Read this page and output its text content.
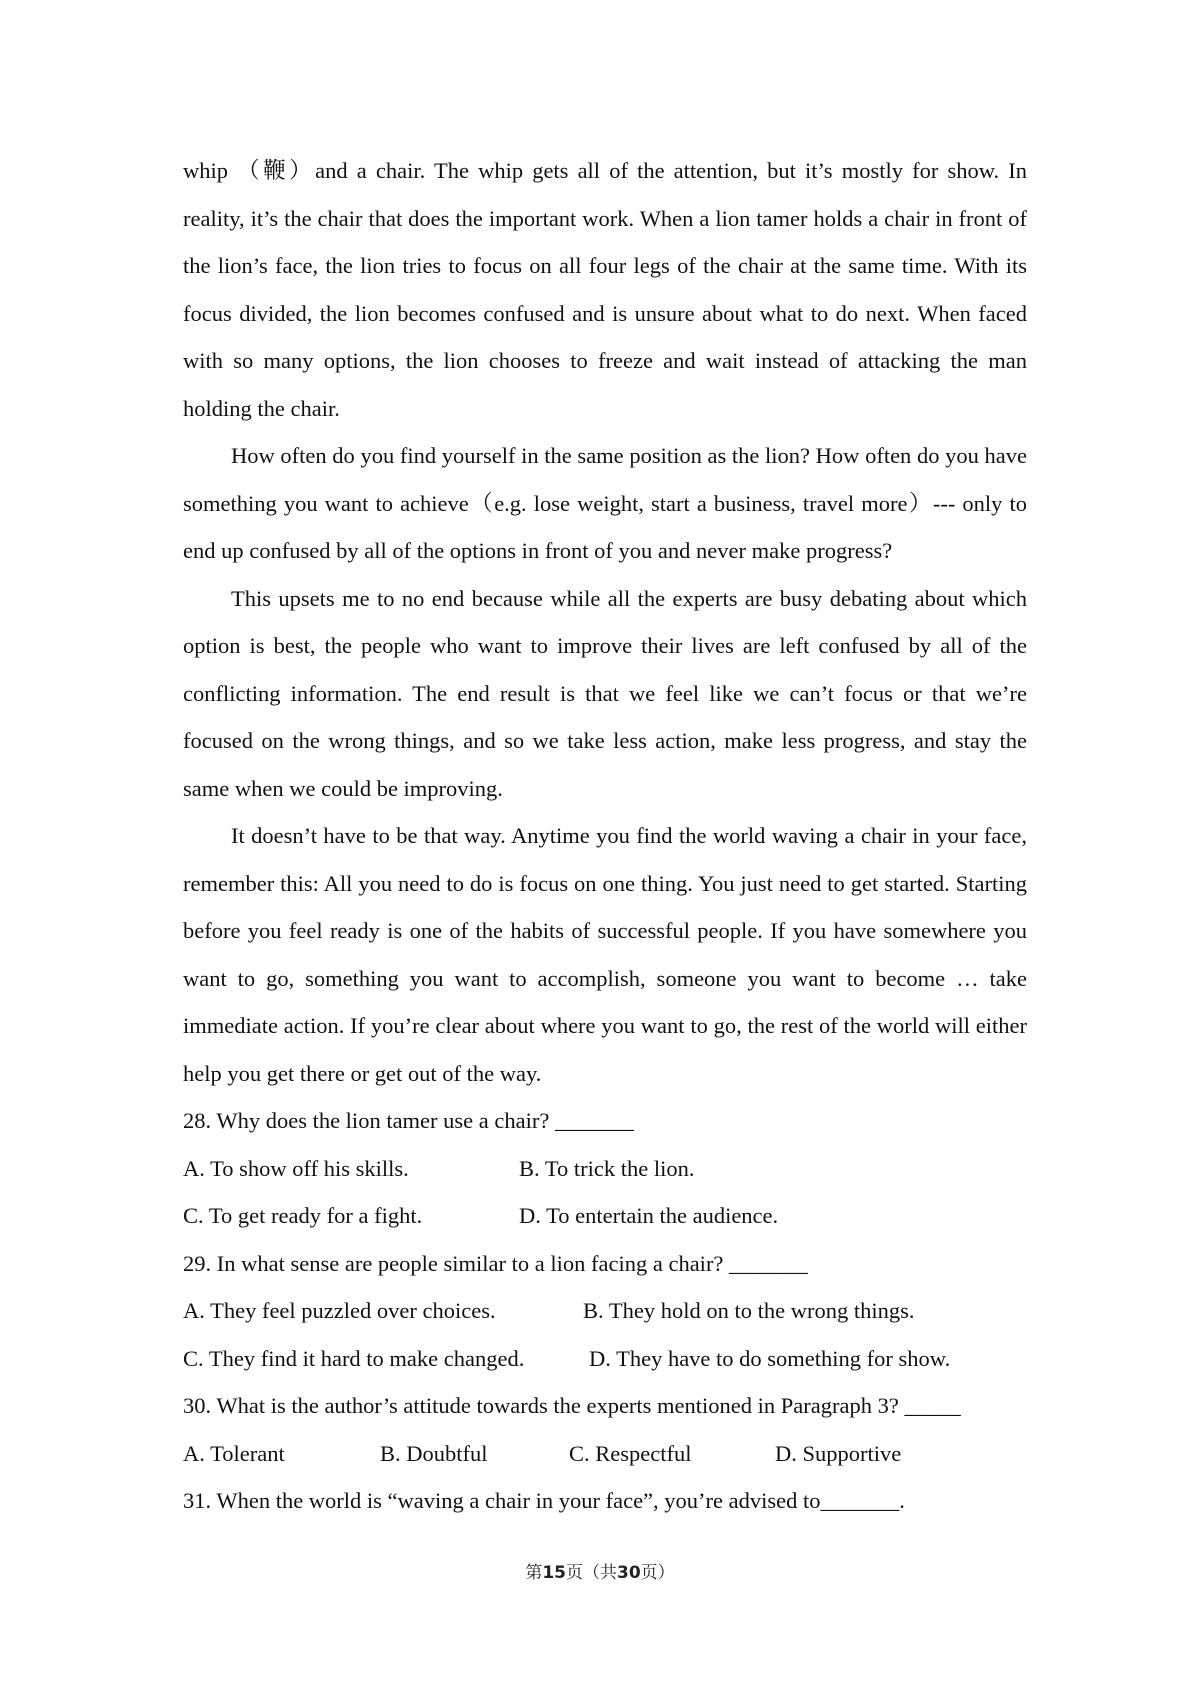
whip （鞭）and a chair. The whip gets all of the attention, but it’s mostly for show. In reality, it’s the chair that does the important work. When a lion tamer holds a chair in front of the lion’s face, the lion tries to focus on all four legs of the chair at the same time. With its focus divided, the lion becomes confused and is unsure about what to do next. When faced with so many options, the lion chooses to freeze and wait instead of attacking the man holding the chair.

How often do you find yourself in the same position as the lion? How often do you have something you want to achieve（e.g. lose weight, start a business, travel more）--- only to end up confused by all of the options in front of you and never make progress?

This upsets me to no end because while all the experts are busy debating about which option is best, the people who want to improve their lives are left confused by all of the conflicting information. The end result is that we feel like we can’t focus or that we’re focused on the wrong things, and so we take less action, make less progress, and stay the same when we could be improving.

It doesn’t have to be that way. Anytime you find the world waving a chair in your face, remember this: All you need to do is focus on one thing. You just need to get started. Starting before you feel ready is one of the habits of successful people. If you have somewhere you want to go, something you want to accomplish, someone you want to become … take immediate action. If you’re clear about where you want to go, the rest of the world will either help you get there or get out of the way.

28. Why does the lion tamer use a chair? _______
A. To show off his skills.	B. To trick the lion.
C. To get ready for a fight.	D. To entertain the audience.
29. In what sense are people similar to a lion facing a chair? _______
A. They feel puzzled over choices.	B. They hold on to the wrong things.
C. They find it hard to make changed.	D. They have to do something for show.
30. What is the author’s attitude towards the experts mentioned in Paragraph 3? _____
A. Tolerant	B. Doubtful	C. Respectful	D. Supportive
31. When the world is “waving a chair in your face”, you’re advised to_______.
第15页（共30页）
